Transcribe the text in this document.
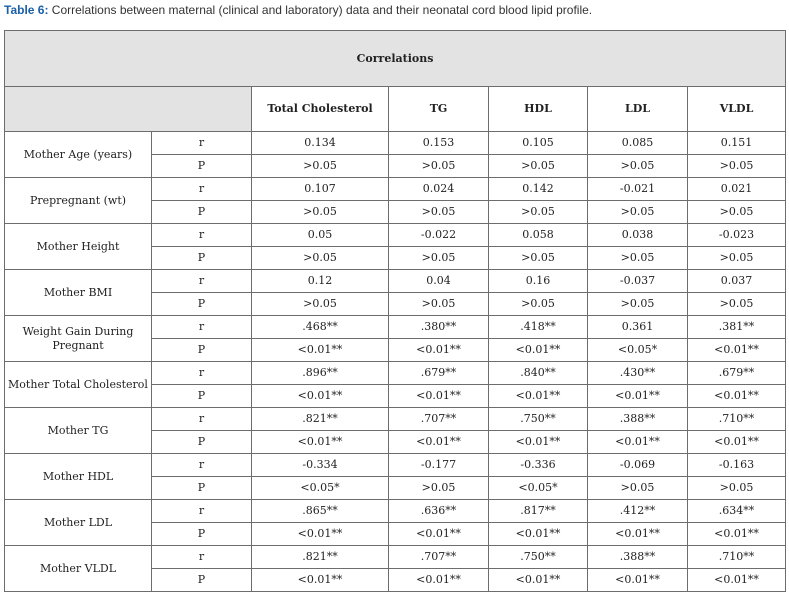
Table 6: Correlations between maternal (clinical and laboratory) data and their neonatal cord blood lipid profile.
Correlations						
		Total Cholesterol	TG	HDL	LDL	VLDL
Mother Age (years)	r	0.134	0.153	0.105	0.085	0.151
	P	>0.05	>0.05	>0.05	>0.05	>0.05
Prepregnant (wt)	r	0.107	0.024	0.142	-0.021	0.021
	P	>0.05	>0.05	>0.05	>0.05	>0.05
Mother Height	r	0.05	-0.022	0.058	0.038	-0.023
	P	>0.05	>0.05	>0.05	>0.05	>0.05
Mother BMI	r	0.12	0.04	0.16	-0.037	0.037
	P	>0.05	>0.05	>0.05	>0.05	>0.05
Weight Gain During Pregnant	r	.468**	.380**	.418**	0.361	.381**
	P	<0.01**	<0.01**	<0.01**	<0.05*	<0.01**
Mother Total Cholesterol	r	.896**	.679**	.840**	.430**	.679**
	P	<0.01**	<0.01**	<0.01**	<0.01**	<0.01**
Mother TG	r	.821**	.707**	.750**	.388**	.710**
	P	<0.01**	<0.01**	<0.01**	<0.01**	<0.01**
Mother HDL	r	-0.334	-0.177	-0.336	-0.069	-0.163
	P	<0.05*	>0.05	<0.05*	>0.05	>0.05
Mother LDL	r	.865**	.636**	.817**	.412**	.634**
	P	<0.01**	<0.01**	<0.01**	<0.01**	<0.01**
Mother VLDL	r	.821**	.707**	.750**	.388**	.710**
	P	<0.01**	<0.01**	<0.01**	<0.01**	<0.01**
